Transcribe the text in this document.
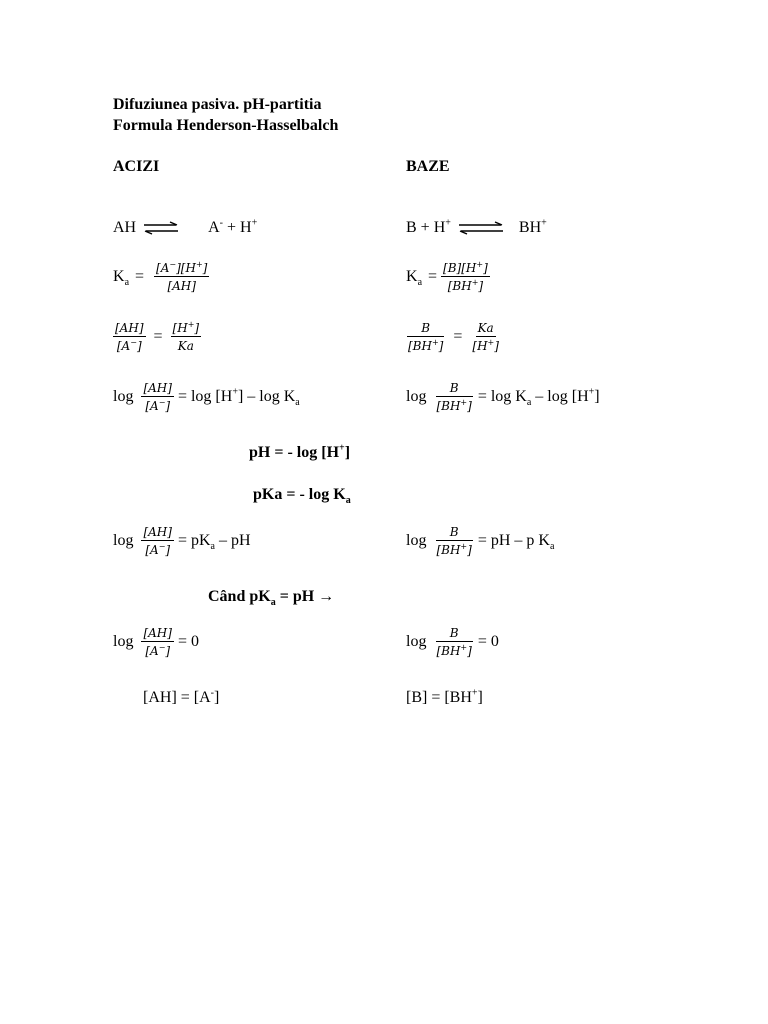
Difuziunea pasiva. pH-partitia
Formula Henderson-Hasselbalch
ACIZI	BAZE
AH ⇌ A- + H+	B + H+ ⇌ BH+
$K_a = \frac{[A^-][H^+]}{[AH]}$	$K_a = \frac{[B][H^+]}{[BH^+]}$
$\frac{[AH]}{[A^-]} = \frac{[H^+]}{Ka}$	$\frac{B}{[BH^+]} = \frac{Ka}{[H^+]}$
$\log \frac{[AH]}{[A^-]} = \log [H^+] - \log K_a$	$\log \frac{B}{[BH^+]} = \log K_a - \log [H^+]$
pH = - log [H+]
pKa = - $\log K_a$
$\log \frac{[AH]}{[A^-]} = pK_a$ – pH	$\log \frac{B}{[BH^+]}$ = pH – p $K_a$
Când $pK_a$ = pH →
$\log \frac{[AH]}{[A^-]} = 0$	$\log \frac{B}{[BH^+]} = 0$
[AH] = [A-]	[B] = [BH+]
